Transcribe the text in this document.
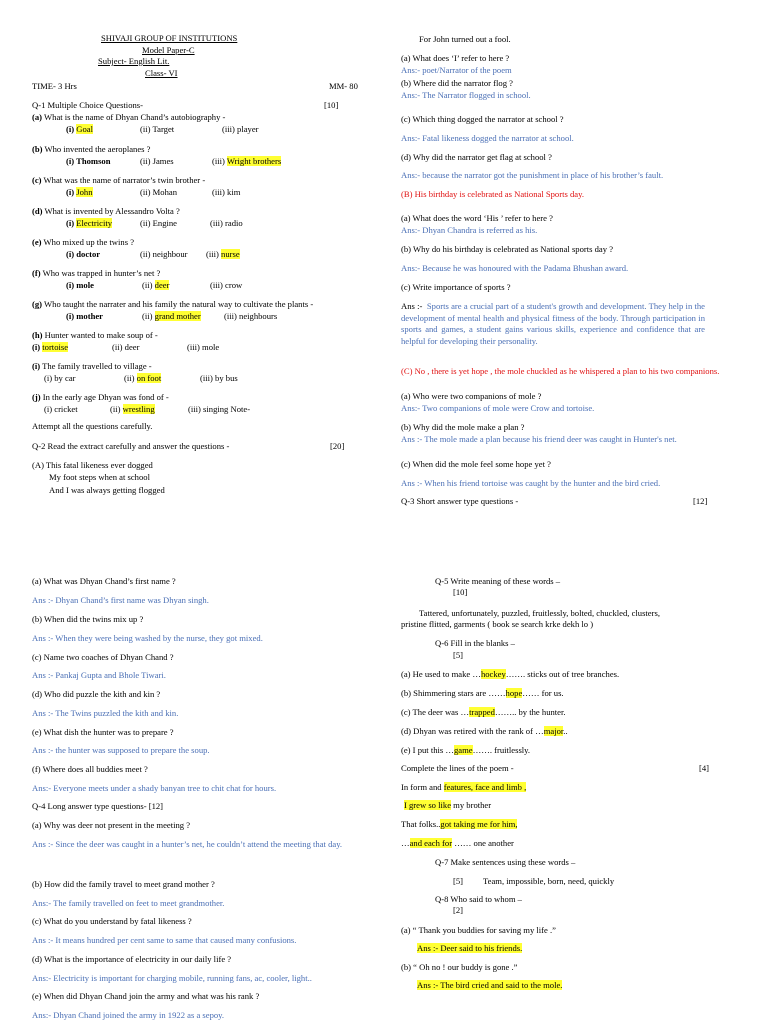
SHIVAJI GROUP OF INSTITUTIONS
Model Paper-C
Subject- English Lit.
Class- VI
TIME- 3 Hrs	MM- 80
Q-1 Multiple Choice Questions-	[10]
(a) What is the name of Dhyan Chand’s autobiography -
(i) Goal	(ii) Target	(iii) player
(b) Who invented the aeroplanes ?
(i) Thomson	(ii) James	(iii) Wright brothers
(c) What was the name of narrator’s twin brother -
(i) John	(ii) Mohan	(iii) kim
(d) What is invented by Alessandro Volta ?
(i) Electricity	(ii) Engine	(iii) radio
(e) Who mixed up the twins ?
(i) doctor	(ii) neighbour (iii) nurse
(f) Who was trapped in hunter’s net ?
(i) mole	(ii) deer	(iii) crow
(g) Who taught the narrater and his family the natural way to cultivate the plants -
(i) mother	(ii) grand mother	(iii) neighbours
(h) Hunter wanted to make soup of -
(i) tortoise	(ii) deer	(iii) mole
(i) The family travelled to village -
(i) by car	(ii) on foot	(iii) by bus
(j) In the early age Dhyan was fond of -
(i) cricket	(ii) wrestling	(iii) singing Note-
Attempt all the questions carefully.
Q-2 Read the extract carefully and answer the questions -	[20]
(A) This fatal likeness ever dogged
My foot steps when at school
And I was always getting flogged
For John turned out a fool.
(a) What does ‘I’ refer to here ?
Ans:- poet/Narrator of the poem
(b) Where did the narrator flog ?
Ans:- The Narrator flogged in school.
(c) Which thing dogged the narrator at school ?
Ans:- Fatal likeness dogged the narrator at school.
(d) Why did the narrator get flag at school ?
Ans:- because the narrator got the punishment in place of his brother’s fault.
(B) His birthday is celebrated as National Sports day.
(a) What does the word ‘His ’ refer to here ?
Ans:- Dhyan Chandra is referred as his.
(b) Why do his birthday is celebrated as National sports day ?
Ans:- Because he was honoured with the Padama Bhushan award.
(c) Write importance of sports ?
Ans :- Sports are a crucial part of a student's growth and development. They help in the development of mental health and physical fitness of the body. Through participation in sports and games, a student gains various skills, experience and confidence that are helpful for developing their personality.
(C) No , there is yet hope , the mole chuckled as he whispered a plan to his two companions.
(a) Who were two companions of mole ?
Ans:- Two companions of mole were Crow and tortoise.
(b) Why did the mole make a plan ?
Ans :- The mole made a plan because his friend deer was caught in Hunter's net.
(c) When did the mole feel some hope yet ?
Ans :- When his friend tortoise was caught by the hunter and the bird cried.
Q-3 Short answer type questions -	[12]
(a) What was Dhyan Chand’s first name ?
Ans :- Dhyan Chand’s first name was Dhyan singh.
(b) When did the twins mix up ?
Ans :- When they were being washed by the nurse, they got mixed.
(c) Name two coaches of Dhyan Chand ?
Ans :- Pankaj Gupta and Bhole Tiwari.
(d) Who did puzzle the kith and kin ?
Ans :- The Twins puzzled the kith and kin.
(e) What dish the hunter was to prepare ?
Ans :- the hunter was supposed to prepare the soup.
(f) Where does all buddies meet ?
Ans:- Everyone meets under a shady banyan tree to chit chat for hours.
Q-4 Long answer type questions- [12]
(a) Why was deer not present in the meeting ?
Ans :- Since the deer was caught in a hunter’s net, he couldn’t attend the meeting that day.
(b) How did the family travel to meet grand mother ?
Ans:- The family travelled on feet to meet grandmother.
(c) What do you understand by fatal likeness ?
Ans :- It means hundred per cent same to same that caused many confusions.
(d) What is the importance of electricity in our daily life ?
Ans:- Electricity is important for charging mobile, running fans, ac, cooler, light..
(e) When did Dhyan Chand join the army and what was his rank ?
Ans:- Dhyan Chand joined the army in 1922 as a sepoy.
Q-5 Write meaning of these words –
[10]
Tattered, unfortunately, puzzled, fruitlessly, bolted, chuckled, clusters,
pristine flitted, garments ( book se search krke dekh lo )
Q-6 Fill in the blanks –
[5]
(a) He used to make …hockey……. sticks out of tree branches.
(b) Shimmering stars are ……hope…… for us.
(c) The deer was …trapped…….. by the hunter.
(d) Dhyan was retired with the rank of …major..
(e) I put this …game……. fruitlessly.
Complete the lines of the poem -	[4]
In form and features, face and limb ,
I grew so like my brother
That folks..got taking me for him,
…and each for …… one another
Q-7 Make sentences using these words –
[5] Team, impossible, born, need, quickly
Q-8 Who said to whom –
[2]
(a) “ Thank you buddies for saving my life .”
Ans :- Deer said to his friends.
(b) “ Oh no ! our buddy is gone .”
Ans :- The bird cried and said to the mole.
